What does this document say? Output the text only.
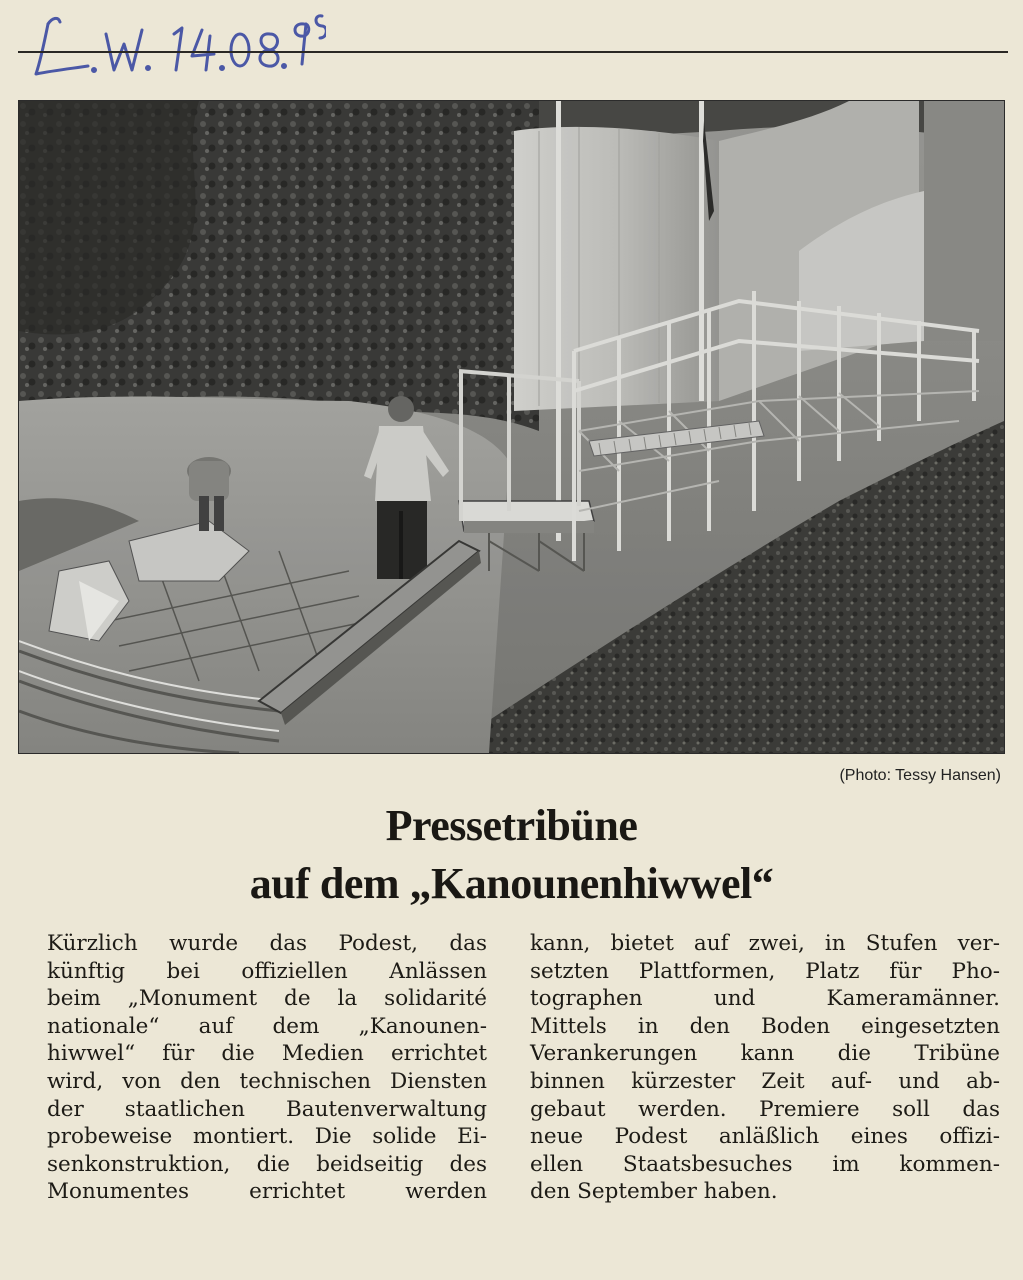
(Photo: Tessy Hansen)
Pressetribüne
auf dem „Kanounenhiwwel“
Kürzlich wurde das Podest, das
künftig bei offiziellen Anlässen
beim „Monument de la solidarité
nationale“ auf dem „Kanounen-
hiwwel“ für die Medien errichtet
wird, von den technischen Diensten
der staatlichen Bautenverwaltung
probeweise montiert. Die solide Ei-
senkonstruktion, die beidseitig des
Monumentes errichtet werden
kann, bietet auf zwei, in Stufen ver-
setzten Plattformen, Platz für Pho-
tographen und Kameramänner.
Mittels in den Boden eingesetzten
Verankerungen kann die Tribüne
binnen kürzester Zeit auf- und ab-
gebaut werden. Premiere soll das
neue Podest anläßlich eines offizi-
ellen Staatsbesuches im kommen-
den September haben.
